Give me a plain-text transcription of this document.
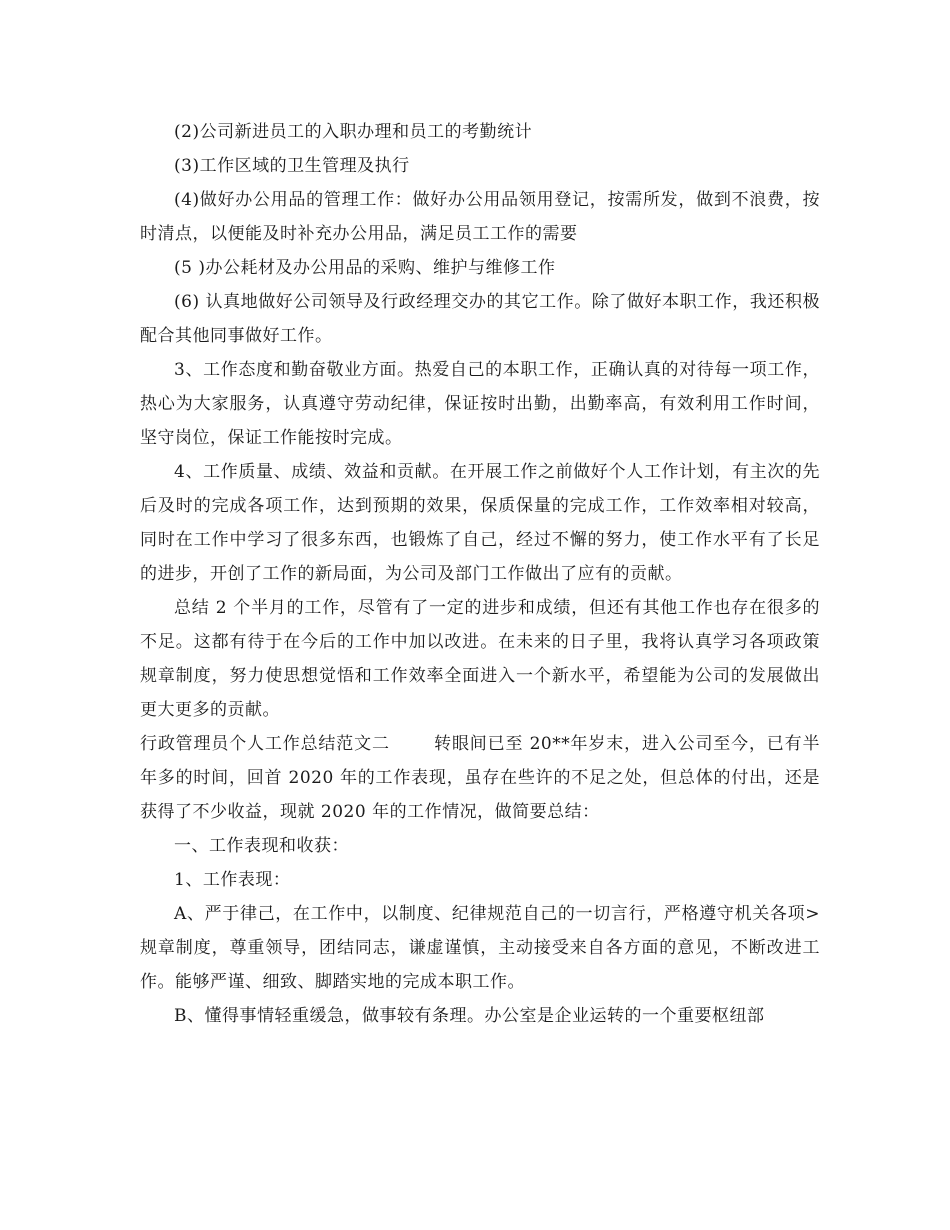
(2)公司新进员工的入职办理和员工的考勤统计

(3)工作区域的卫生管理及执行

(4)做好办公用品的管理工作：做好办公用品领用登记，按需所发，做到不浪费，按时清点，以便能及时补充办公用品，满足员工工作的需要

(5 )办公耗材及办公用品的采购、维护与维修工作

(6) 认真地做好公司领导及行政经理交办的其它工作。除了做好本职工作，我还积极配合其他同事做好工作。

3、工作态度和勤奋敬业方面。热爱自己的本职工作，正确认真的对待每一项工作，热心为大家服务，认真遵守劳动纪律，保证按时出勤，出勤率高，有效利用工作时间，坚守岗位，保证工作能按时完成。

4、工作质量、成绩、效益和贡献。在开展工作之前做好个人工作计划，有主次的先后及时的完成各项工作，达到预期的效果，保质保量的完成工作，工作效率相对较高，同时在工作中学习了很多东西，也锻炼了自己，经过不懈的努力，使工作水平有了长足的进步，开创了工作的新局面，为公司及部门工作做出了应有的贡献。

总结 2 个半月的工作，尽管有了一定的进步和成绩，但还有其他工作也存在很多的不足。这都有待于在今后的工作中加以改进。在未来的日子里，我将认真学习各项政策规章制度，努力使思想觉悟和工作效率全面进入一个新水平，希望能为公司的发展做出更大更多的贡献。

行政管理员个人工作总结范文二	转眼间已至 20**年岁末，进入公司至今，已有半年多的时间，回首 2020 年的工作表现，虽存在些许的不足之处，但总体的付出，还是获得了不少收益，现就 2020 年的工作情况，做简要总结：

一、工作表现和收获：

1、工作表现：

A、严于律己，在工作中，以制度、纪律规范自己的一切言行，严格遵守机关各项>规章制度，尊重领导，团结同志，谦虚谨慎，主动接受来自各方面的意见，不断改进工作。能够严谨、细致、脚踏实地的完成本职工作。

B、懂得事情轻重缓急，做事较有条理。办公室是企业运转的一个重要枢纽部
